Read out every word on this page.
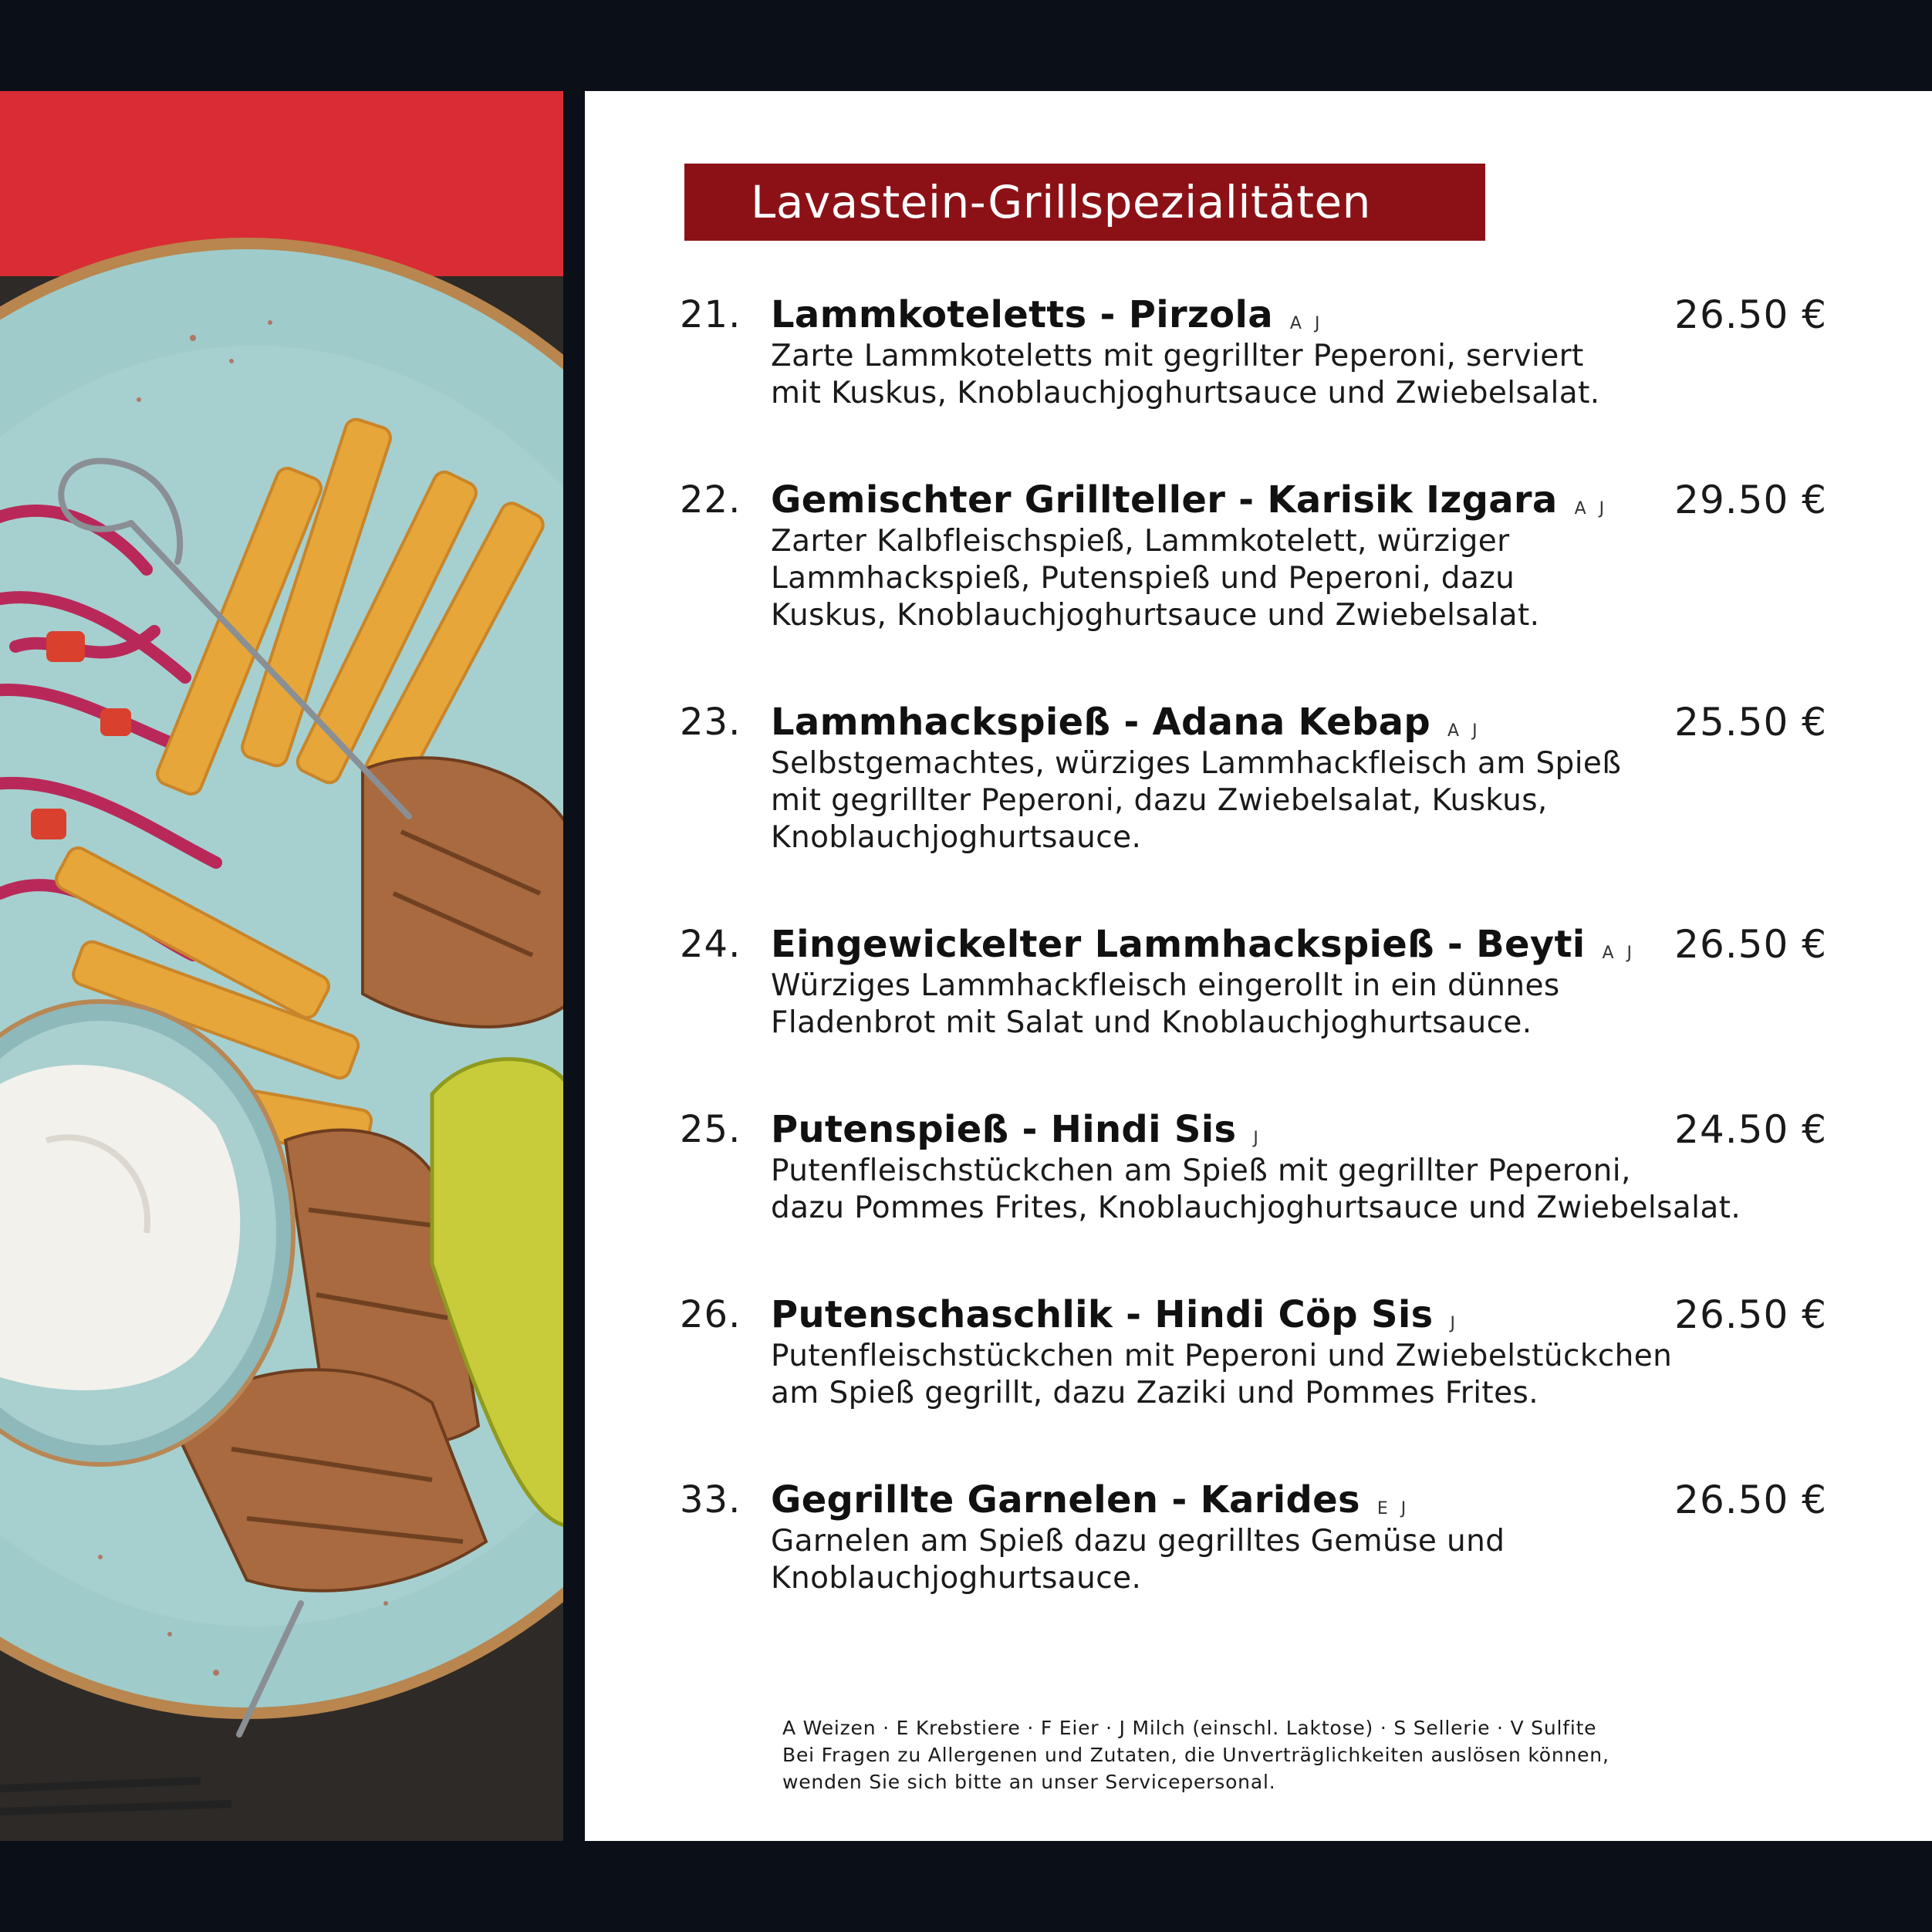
Lavastein-Grillspezialitäten
21. Lammkoteletts - Pirzola A J	26.50 €
Zarte Lammkoteletts mit gegrillter Peperoni, serviert
mit Kuskus, Knoblauchjoghurtsauce und Zwiebelsalat.
22. Gemischter Grillteller - Karisik Izgara A J 29.50 €
Zarter Kalbfleischspieß, Lammkotelett, würziger
Lammhackspieß, Putenspieß und Peperoni, dazu
Kuskus, Knoblauchjoghurtsauce und Zwiebelsalat.
23. Lammhackspieß - Adana Kebap A J	25.50 €
Selbstgemachtes, würziges Lammhackfleisch am Spieß
mit gegrillter Peperoni, dazu Zwiebelsalat, Kuskus,
Knoblauchjoghurtsauce.
24. Eingewickelter Lammhackspieß - Beyti A J 26.50 €
Würziges Lammhackfleisch eingerollt in ein dünnes
Fladenbrot mit Salat und Knoblauchjoghurtsauce.
25. Putenspieß - Hindi Sis J	24.50 €
Putenfleischstückchen am Spieß mit gegrillter Peperoni,
dazu Pommes Frites, Knoblauchjoghurtsauce und Zwiebelsalat.
26. Putenschaschlik - Hindi Cöp Sis J	26.50 €
Putenfleischstückchen mit Peperoni und Zwiebelstückchen
am Spieß gegrillt, dazu Zaziki und Pommes Frites.
33. Gegrillte Garnelen - Karides E J	26.50 €
Garnelen am Spieß dazu gegrilltes Gemüse und
Knoblauchjoghurtsauce.
A Weizen · E Krebstiere · F Eier · J Milch (einschl. Laktose) · S Sellerie · V Sulfite
Bei Fragen zu Allergenen und Zutaten, die Unverträglichkeiten auslösen können,
wenden Sie sich bitte an unser Servicepersonal.
